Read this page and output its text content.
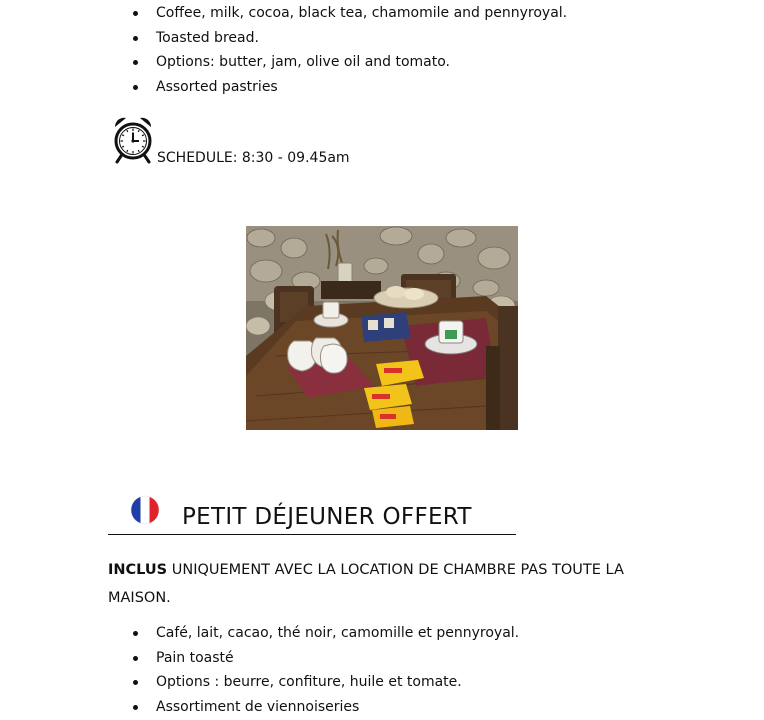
Coffee, milk, cocoa, black tea, chamomile and pennyroyal.
Toasted bread.
Options: butter, jam, olive oil and tomato.
Assorted pastries
SCHEDULE: 8:30 - 09.45am
PETIT DÉJEUNER OFFERT
INCLUS UNIQUEMENT AVEC LA LOCATION DE CHAMBRE PAS TOUTE LA MAISON.
Café, lait, cacao, thé noir, camomille et pennyroyal.
Pain toasté
Options : beurre, confiture, huile et tomate.
Assortiment de viennoiseries
